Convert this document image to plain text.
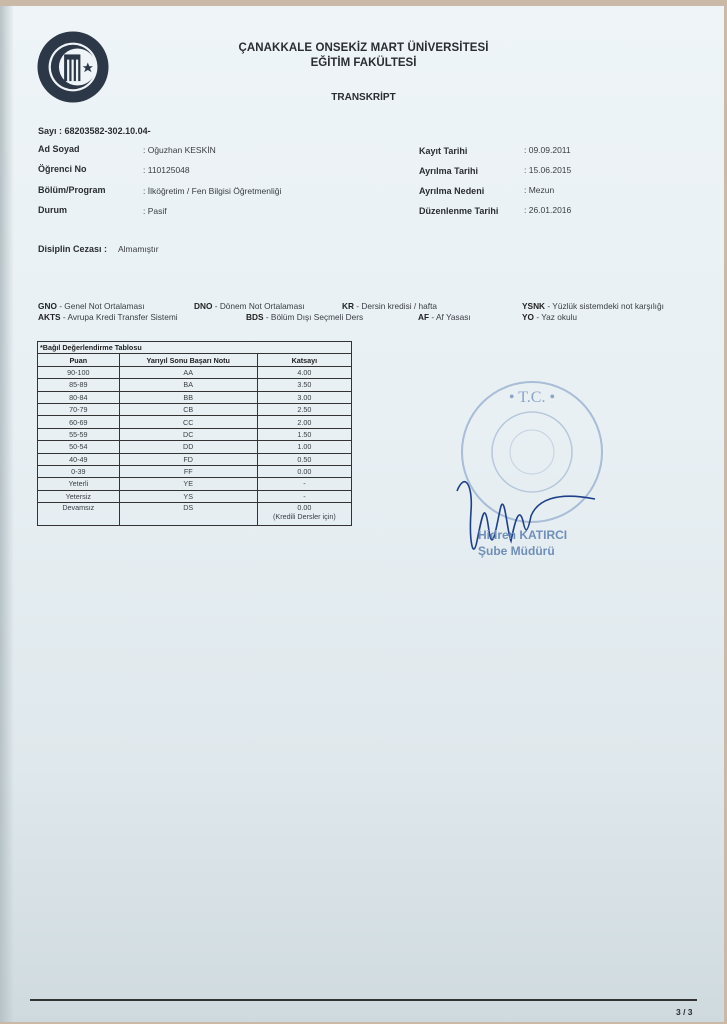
ÇANAKKALE ONSEKİZ MART ÜNİVERSİTESİ
EĞİTİM FAKÜLTESİ
TRANSKRİPT
Sayı : 68203582-302.10.04-
Ad Soyad	: Oğuzhan KESKİN
Öğrenci No	: 110125048
Bölüm/Program	: İlköğretim / Fen Bilgisi Öğretmenliği
Durum	: Pasif
Kayıt Tarihi	: 09.09.2011
Ayrılma Tarihi	: 15.06.2015
Ayrılma Nedeni	: Mezun
Düzenlenme Tarihi	: 26.01.2016
Disiplin Cezası : Almamıştır
GNO - Genel Not Ortalaması	DNO - Dönem Not Ortalaması	KR - Dersin kredisi / hafta	YSNK - Yüzlük sistemdeki not karşılığı
AKTS - Avrupa Kredi Transfer Sistemi	BDS - Bölüm Dışı Seçmeli Ders	AF - Af Yasası	YO - Yaz okulu
*Bağıl Değerlendirme Tablosu		
Puan	Yarıyıl Sonu Başarı Notu	Katsayı
90-100	AA	4.00
85-89	BA	3.50
80-84	BB	3.00
70-79	CB	2.50
60-69	CC	2.00
55-59	DC	1.50
50-54	DD	1.00
40-49	FD	0.50
0-39	FF	0.00
Yeterli	YE	-
Yetersiz	YS	-
Devamsız	DS	0.00

(Kredili Dersler için)
• T.C. •
Hidren KATIRCI
Şube Müdürü
3 / 3
